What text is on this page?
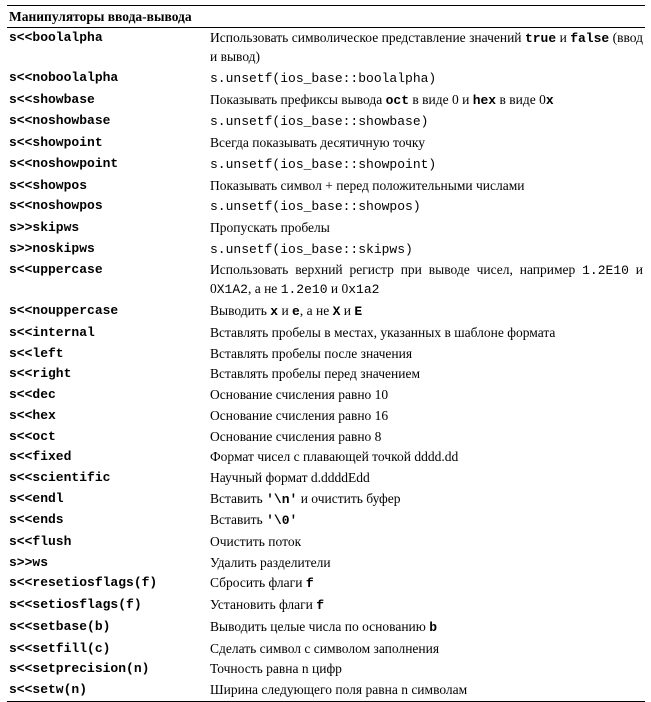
Манипуляторы ввода-вывода	
s<<boolalpha	Использовать символическое представление значений true и false (ввод и вывод)
s<<noboolalpha	s.unsetf(ios_base::boolalpha)
s<<showbase	Показывать префиксы вывода oct в виде 0 и hex в виде 0x
s<<noshowbase	s.unsetf(ios_base::showbase)
s<<showpoint	Всегда показывать десятичную точку
s<<noshowpoint	s.unsetf(ios_base::showpoint)
s<<showpos	Показывать символ + перед положительными числами
s<<noshowpos	s.unsetf(ios_base::showpos)
s>>skipws	Пропускать пробелы
s>>noskipws	s.unsetf(ios_base::skipws)
s<<uppercase	Использовать верхний регистр при выводе чисел, например 1.2E10 и 0X1A2, а не 1.2e10 и 0x1a2
s<<nouppercase	Выводить x и e, а не X и E
s<<internal	Вставлять пробелы в местах, указанных в шаблоне формата
s<<left	Вставлять пробелы после значения
s<<right	Вставлять пробелы перед значением
s<<dec	Основание счисления равно 10
s<<hex	Основание счисления равно 16
s<<oct	Основание счисления равно 8
s<<fixed	Формат чисел с плавающей точкой dddd.dd
s<<scientific	Научный формат d.ddddEdd
s<<endl	Вставить '\n' и очистить буфер
s<<ends	Вставить '\0'
s<<flush	Очистить поток
s>>ws	Удалить разделители
s<<resetiosflags(f)	Сбросить флаги f
s<<setiosflags(f)	Установить флаги f
s<<setbase(b)	Выводить целые числа по основанию b
s<<setfill(c)	Сделать символ с символом заполнения
s<<setprecision(n)	Точность равна n цифр
s<<setw(n)	Ширина следующего поля равна n символам
